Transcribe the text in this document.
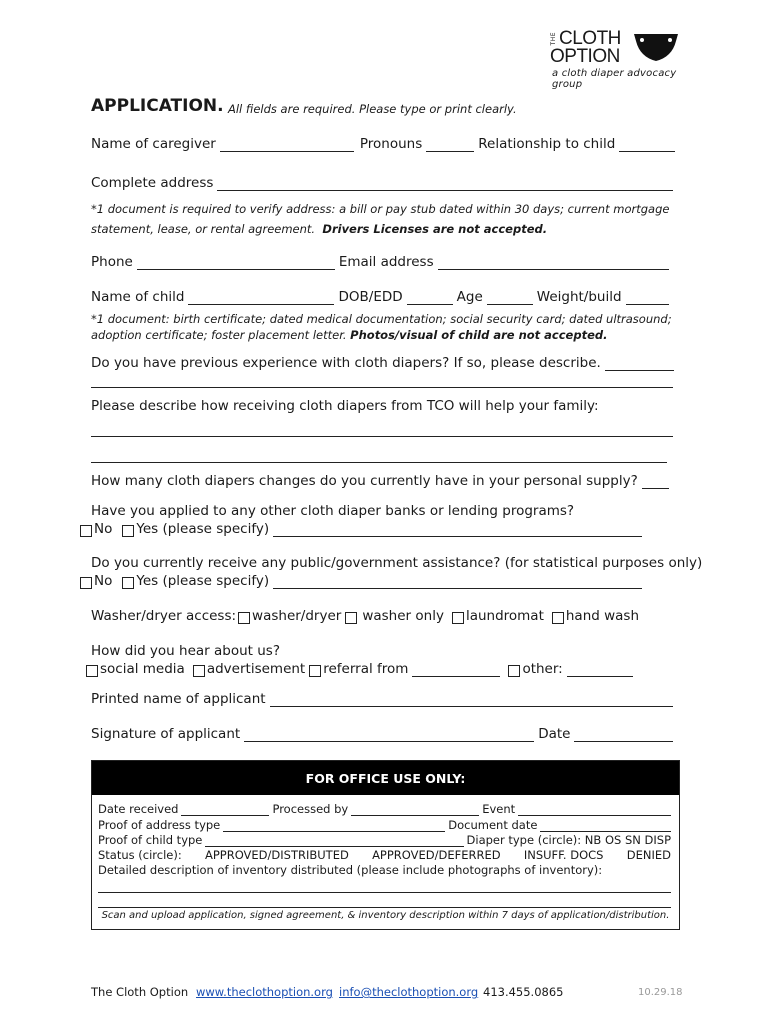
THE CLOTH
OPTION
a cloth diaper advocacy group
APPLICATION. All fields are required. Please type or print clearly.
Name of caregiver	Pronouns	Relationship to child
Complete address
*1 document is required to verify address: a bill or pay stub dated within 30 days; current mortgage
statement, lease, or rental agreement. Drivers Licenses are not accepted.
Phone	Email address
Name of child	DOB/EDD	Age	Weight/build
*1 document: birth certificate; dated medical documentation; social security card; dated ultrasound;
adoption certificate; foster placement letter. Photos/visual of child are not accepted.
Do you have previous experience with cloth diapers? If so, please describe.
Please describe how receiving cloth diapers from TCO will help your family:
How many cloth diapers changes do you currently have in your personal supply?
Have you applied to any other cloth diaper banks or lending programs?
No Yes (please specify)
Do you currently receive any public/government assistance? (for statistical purposes only)
No Yes (please specify)
Washer/dryer access: washer/dryer washer only laundromat hand wash
How did you hear about us?
social media advertisement referral from	other:
Printed name of applicant
Signature of applicant	Date
FOR OFFICE USE ONLY:
Date received	Processed by	Event
Proof of address type	Document date
Proof of child type	Diaper type (circle): NB OS SN DISP
Status (circle): APPROVED/DISTRIBUTED APPROVED/DEFERRED INSUFF. DOCS DENIED
Detailed description of inventory distributed (please include photographs of inventory):
Scan and upload application, signed agreement, & inventory description within 7 days of application/distribution.
The Cloth Option www.theclothoption.org info@theclothoption.org 413.455.0865	10.29.18
